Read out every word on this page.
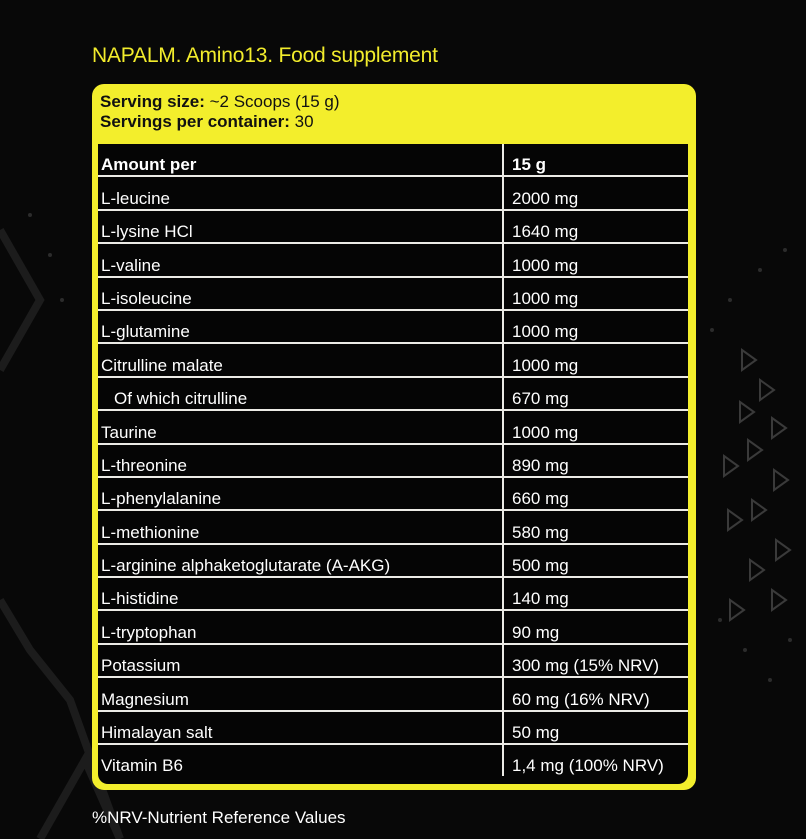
NAPALM. Amino13. Food supplement
Serving size: ~2 Scoops (15 g)
Servings per container: 30
Amount per	15 g
L-leucine	2000 mg
L-lysine HCl	1640 mg
L-valine	1000 mg
L-isoleucine	1000 mg
L-glutamine	1000 mg
Citrulline malate	1000 mg
Of which citrulline	670 mg
Taurine	1000 mg
L-threonine	890 mg
L-phenylalanine	660 mg
L-methionine	580 mg
L-arginine alphaketoglutarate (A-AKG)	500 mg
L-histidine	140 mg
L-tryptophan	90 mg
Potassium	300 mg (15% NRV)
Magnesium	60 mg (16% NRV)
Himalayan salt	50 mg
Vitamin B6	1,4 mg (100% NRV)
%NRV-Nutrient Reference Values
